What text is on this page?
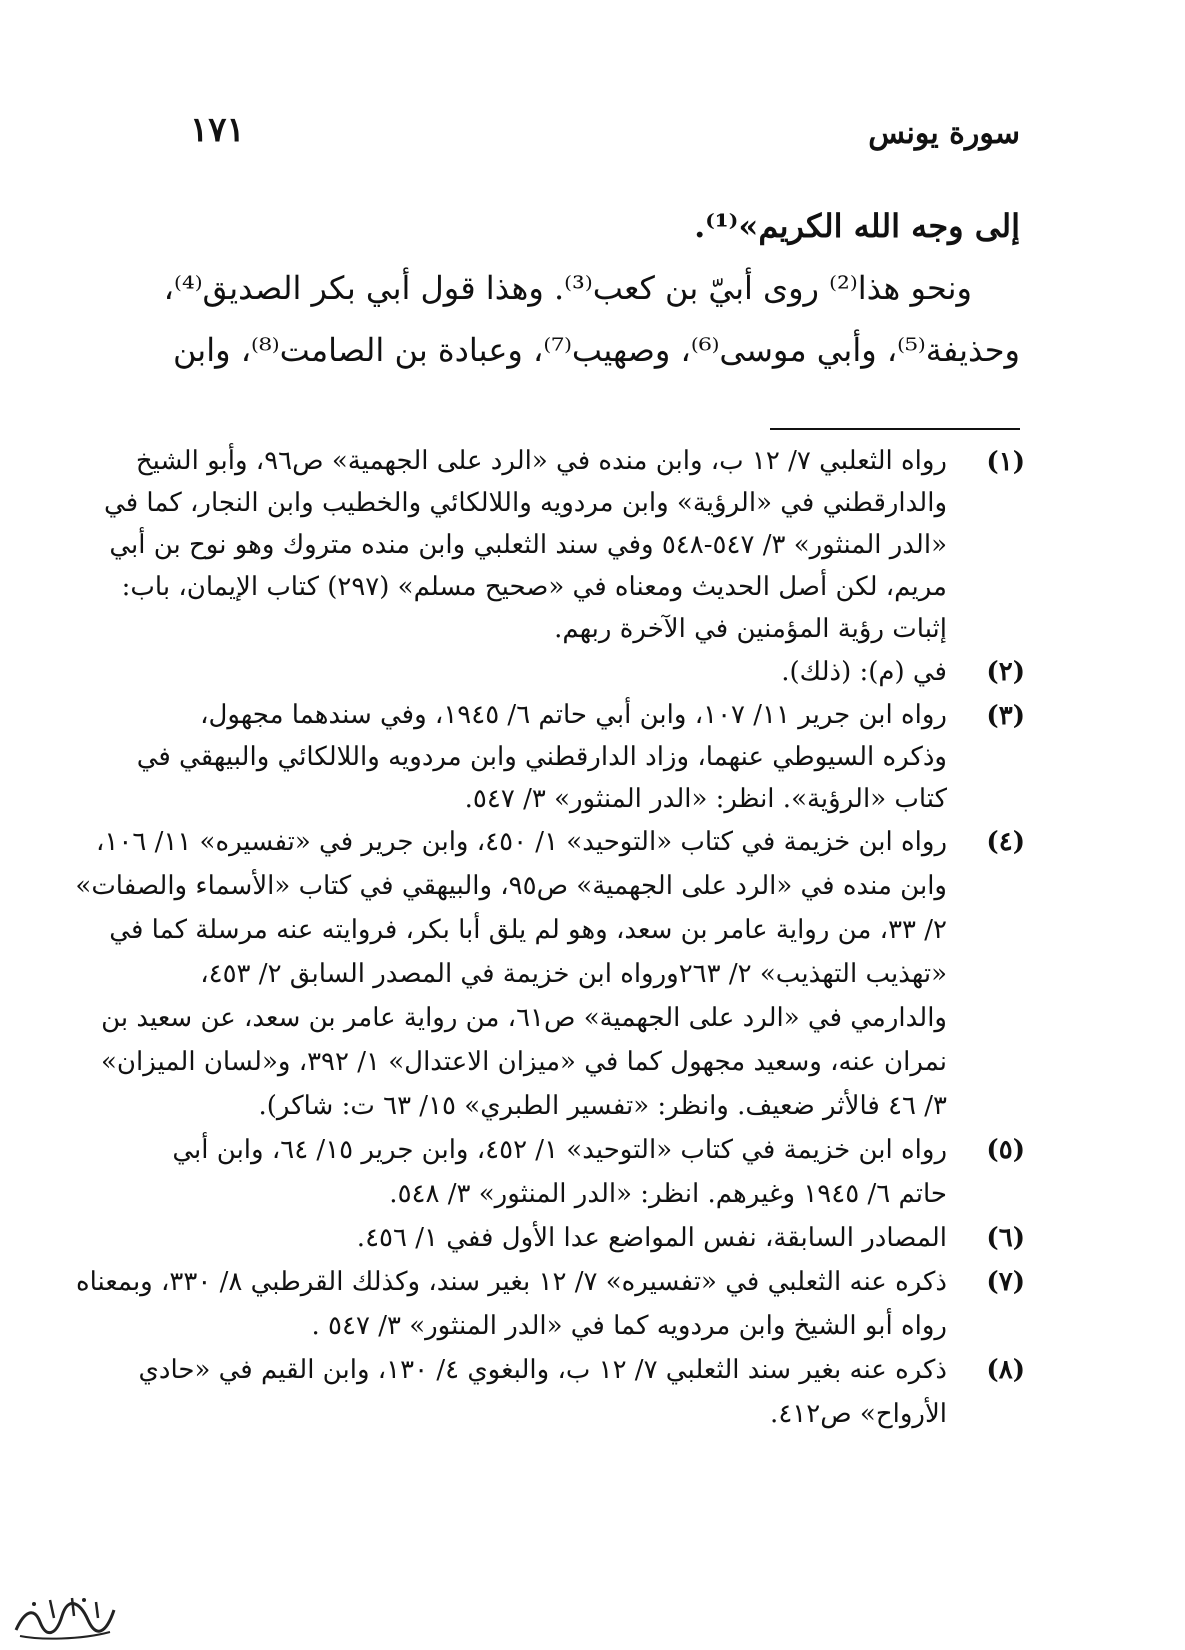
سورة يونس
١٧١
إلى وجه الله الكريم»⁽¹⁾.
ونحو هذا⁽²⁾ روى أبيّ بن كعب⁽³⁾. وهذا قول أبي بكر الصديق⁽⁴⁾،
وحذيفة⁽⁵⁾، وأبي موسى⁽⁶⁾، وصهيب⁽⁷⁾، وعبادة بن الصامت⁽⁸⁾، وابن
(١)
رواه الثعلبي ٧/ ١٢ ب، وابن منده في «الرد على الجهمية» ص٩٦، وأبو الشيخ
والدارقطني في «الرؤية» وابن مردويه واللالكائي والخطيب وابن النجار، كما في
«الدر المنثور» ٣/ ٥٤٧-٥٤٨ وفي سند الثعلبي وابن منده متروك وهو نوح بن أبي
مريم، لكن أصل الحديث ومعناه في «صحيح مسلم» (٢٩٧) كتاب الإيمان، باب:
إثبات رؤية المؤمنين في الآخرة ربهم.
(٢)
في (م): (ذلك).
(٣)
رواه ابن جرير ١١/ ١٠٧، وابن أبي حاتم ٦/ ١٩٤٥، وفي سندهما مجهول،
وذكره السيوطي عنهما، وزاد الدارقطني وابن مردويه واللالكائي والبيهقي في
كتاب «الرؤية». انظر: «الدر المنثور» ٣/ ٥٤٧.
(٤)
رواه ابن خزيمة في كتاب «التوحيد» ١/ ٤٥٠، وابن جرير في «تفسيره» ١١/ ١٠٦،
وابن منده في «الرد على الجهمية» ص٩٥، والبيهقي في كتاب «الأسماء والصفات»
٢/ ٣٣، من رواية عامر بن سعد، وهو لم يلق أبا بكر، فروايته عنه مرسلة كما في
«تهذيب التهذيب» ٢/ ٢٦٣ورواه ابن خزيمة في المصدر السابق ٢/ ٤٥٣،
والدارمي في «الرد على الجهمية» ص٦١، من رواية عامر بن سعد، عن سعيد بن
نمران عنه، وسعيد مجهول كما في «ميزان الاعتدال» ١/ ٣٩٢، و«لسان الميزان»
٣/ ٤٦ فالأثر ضعيف. وانظر: «تفسير الطبري» ١٥/ ٦٣ ت: شاكر).
(٥)
رواه ابن خزيمة في كتاب «التوحيد» ١/ ٤٥٢، وابن جرير ١٥/ ٦٤، وابن أبي
حاتم ٦/ ١٩٤٥ وغيرهم. انظر: «الدر المنثور» ٣/ ٥٤٨.
(٦)
المصادر السابقة، نفس المواضع عدا الأول ففي ١/ ٤٥٦.
(٧)
ذكره عنه الثعلبي في «تفسيره» ٧/ ١٢ بغير سند، وكذلك القرطبي ٨/ ٣٣٠، وبمعناه
رواه أبو الشيخ وابن مردويه كما في «الدر المنثور» ٣/ ٥٤٧ .
(٨)
ذكره عنه بغير سند الثعلبي ٧/ ١٢ ب، والبغوي ٤/ ١٣٠، وابن القيم في «حادي
الأرواح» ص٤١٢.
